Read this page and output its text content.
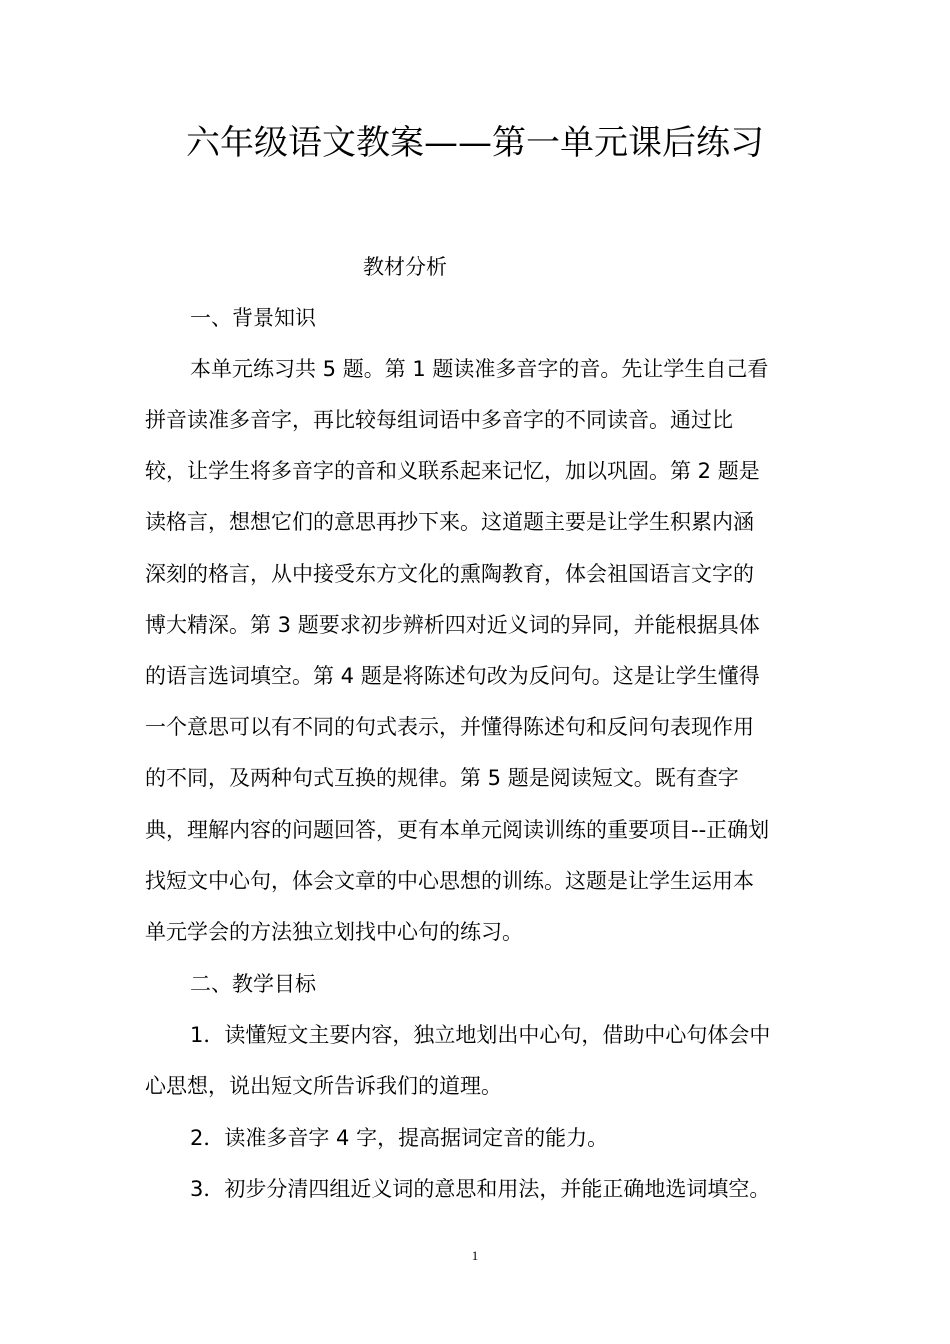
六年级语文教案——第一单元课后练习
教材分析
一、背景知识
本单元练习共 5 题。第 1 题读准多音字的音。先让学生自己看
拼音读准多音字，再比较每组词语中多音字的不同读音。通过比
较，让学生将多音字的音和义联系起来记忆，加以巩固。第 2 题是
读格言，想想它们的意思再抄下来。这道题主要是让学生积累内涵
深刻的格言，从中接受东方文化的熏陶教育，体会祖国语言文字的
博大精深。第 3 题要求初步辨析四对近义词的异同，并能根据具体
的语言选词填空。第 4 题是将陈述句改为反问句。这是让学生懂得
一个意思可以有不同的句式表示，并懂得陈述句和反问句表现作用
的不同，及两种句式互换的规律。第 5 题是阅读短文。既有查字
典，理解内容的问题回答，更有本单元阅读训练的重要项目--正确划
找短文中心句，体会文章的中心思想的训练。这题是让学生运用本
单元学会的方法独立划找中心句的练习。
二、教学目标
1．读懂短文主要内容，独立地划出中心句，借助中心句体会中
心思想，说出短文所告诉我们的道理。
2．读准多音字 4 字，提高据词定音的能力。
3．初步分清四组近义词的意思和用法，并能正确地选词填空。
1
